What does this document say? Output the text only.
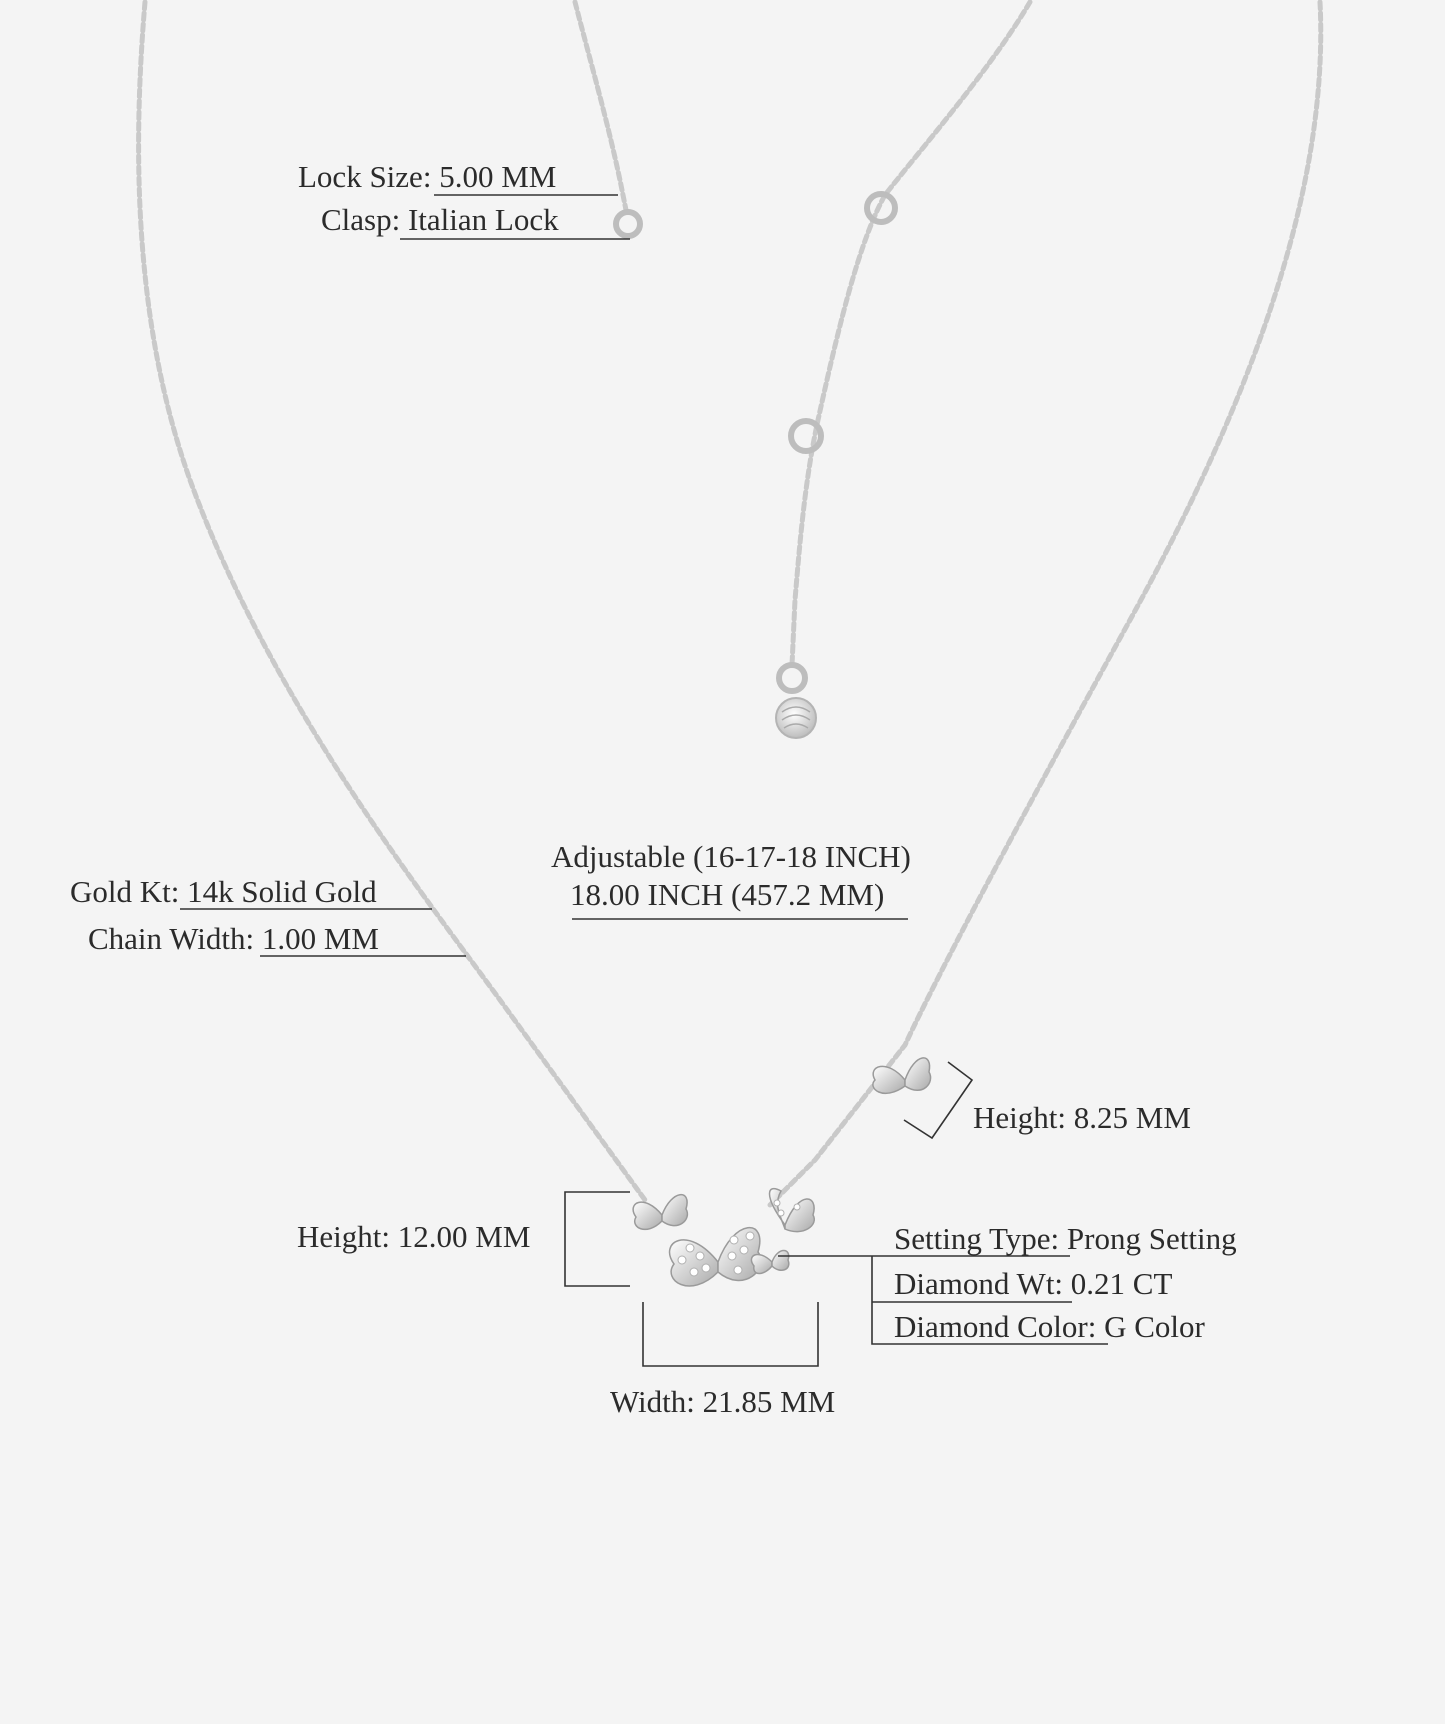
Lock Size: 5.00 MM
Clasp: Italian Lock
Adjustable (16-17-18 INCH)
18.00 INCH (457.2 MM)
Gold Kt: 14k Solid Gold
Chain Width: 1.00 MM
Height: 8.25 MM
Height: 12.00 MM
Width: 21.85 MM
Setting Type: Prong Setting
Diamond Wt: 0.21 CT
Diamond Color: G Color
